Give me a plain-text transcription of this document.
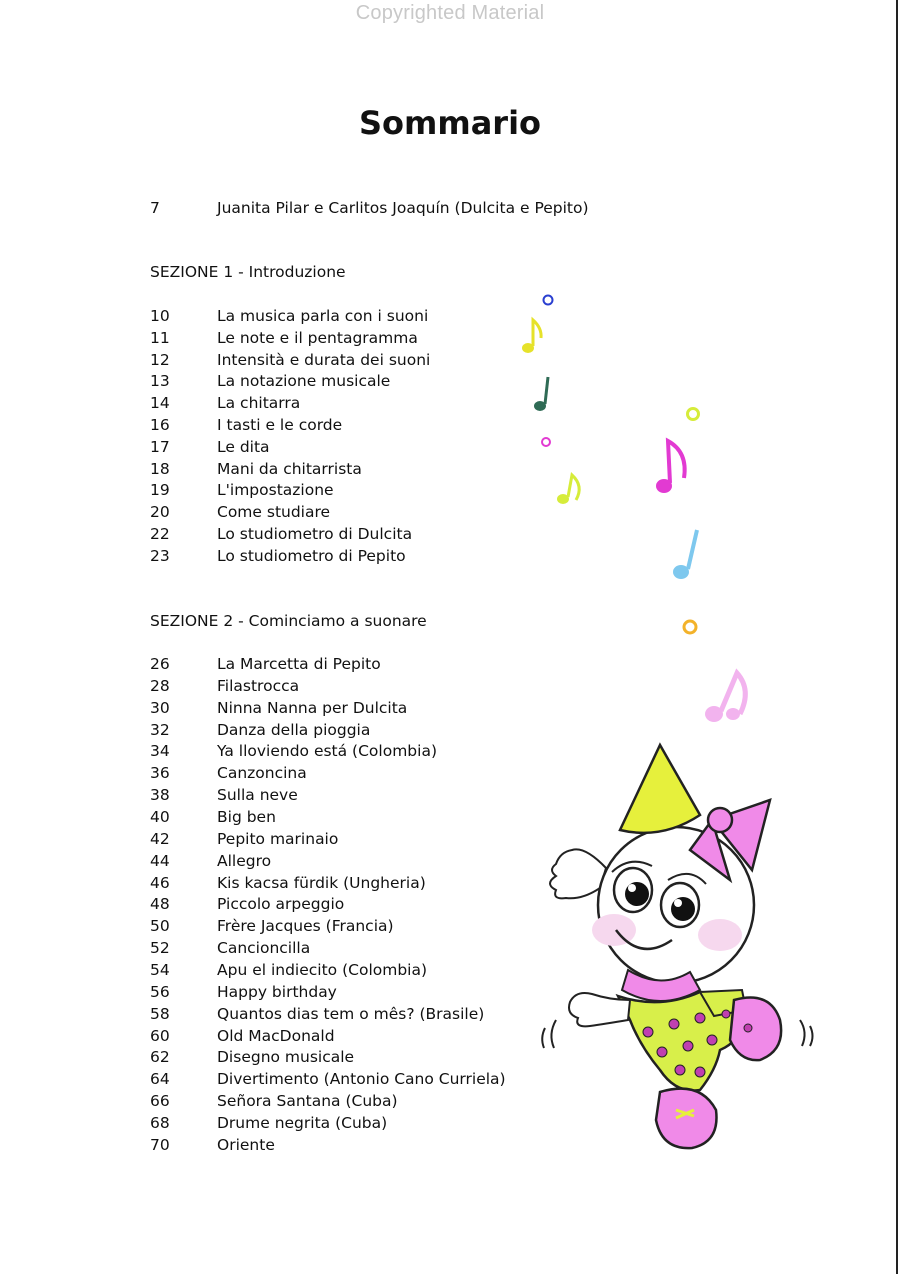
Copyrighted Material
Sommario
7	Juanita Pilar e Carlitos Joaquín (Dulcita e Pepito)
SEZIONE 1 - Introduzione
10	La musica parla con i suoni
11	Le note e il pentagramma
12	Intensità e durata dei suoni
13	La notazione musicale
14	La chitarra
16	I tasti e le corde
17	Le dita
18	Mani da chitarrista
19	L'impostazione
20	Come studiare
22	Lo studiometro di Dulcita
23	Lo studiometro di Pepito
SEZIONE 2 - Cominciamo a suonare
26	La Marcetta di Pepito
28	Filastrocca
30	Ninna Nanna per Dulcita
32	Danza della pioggia
34	Ya lloviendo está (Colombia)
36	Canzoncina
38	Sulla neve
40	Big ben
42	Pepito marinaio
44	Allegro
46	Kis kacsa fürdik (Ungheria)
48	Piccolo arpeggio
50	Frère Jacques (Francia)
52	Cancioncilla
54	Apu el indiecito (Colombia)
56	Happy birthday
58	Quantos dias tem o mês? (Brasile)
60	Old MacDonald
62	Disegno musicale
64	Divertimento (Antonio Cano Curriela)
66	Señora Santana (Cuba)
68	Drume negrita (Cuba)
70	Oriente
